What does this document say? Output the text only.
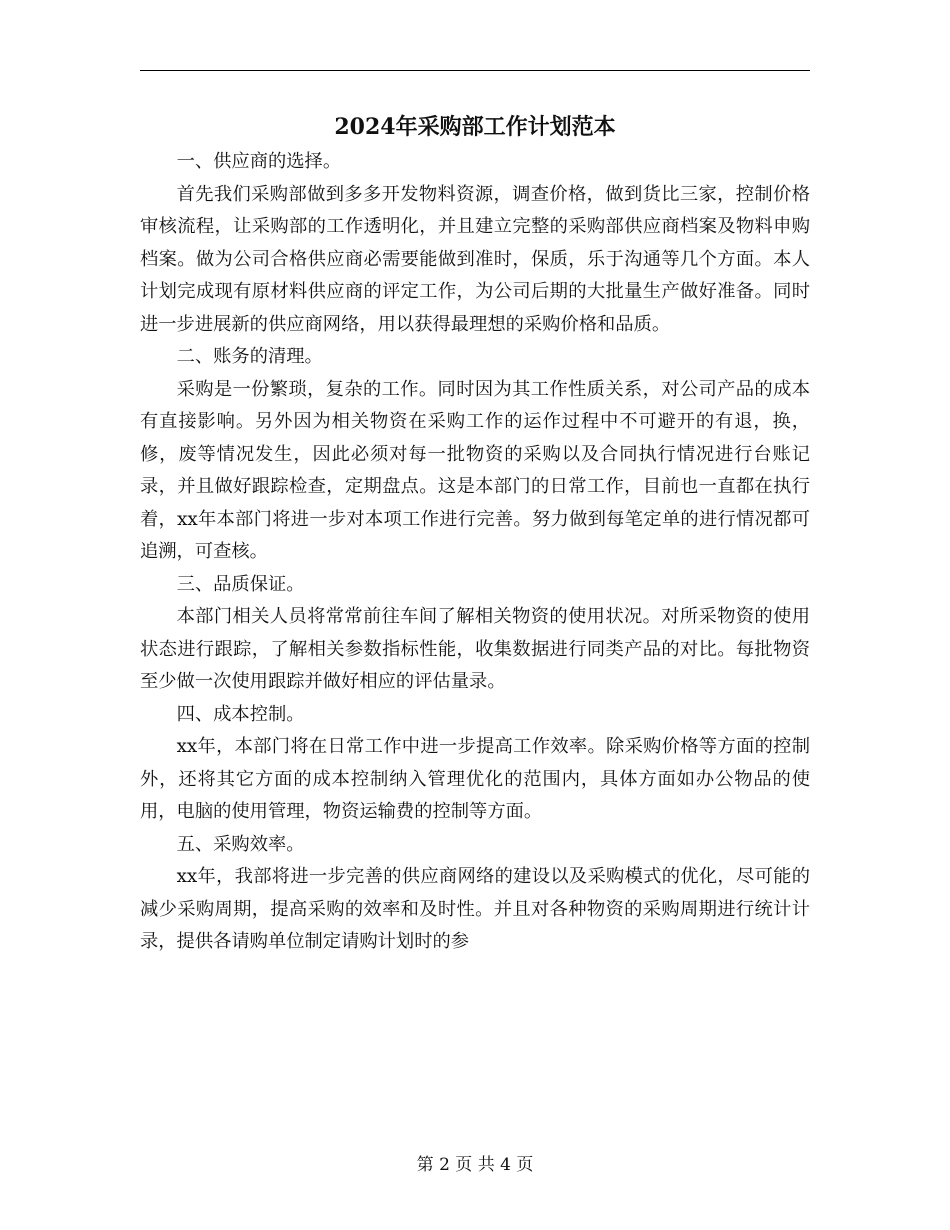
2024年采购部工作计划范本

一、供应商的选择。

首先我们采购部做到多多开发物料资源，调查价格，做到货比三家，控制价格审核流程，让采购部的工作透明化，并且建立完整的采购部供应商档案及物料申购档案。做为公司合格供应商必需要能做到准时，保质，乐于沟通等几个方面。本人计划完成现有原材料供应商的评定工作，为公司后期的大批量生产做好准备。同时进一步进展新的供应商网络，用以获得最理想的采购价格和品质。

二、账务的清理。

采购是一份繁琐，复杂的工作。同时因为其工作性质关系，对公司产品的成本有直接影响。另外因为相关物资在采购工作的运作过程中不可避开的有退，换，修，废等情况发生，因此必须对每一批物资的采购以及合同执行情况进行台账记录，并且做好跟踪检查，定期盘点。这是本部门的日常工作，目前也一直都在执行着，xx年本部门将进一步对本项工作进行完善。努力做到每笔定单的进行情况都可追溯，可查核。

三、品质保证。

本部门相关人员将常常前往车间了解相关物资的使用状况。对所采物资的使用状态进行跟踪，了解相关参数指标性能，收集数据进行同类产品的对比。每批物资至少做一次使用跟踪并做好相应的评估量录。

四、成本控制。

xx年，本部门将在日常工作中进一步提高工作效率。除采购价格等方面的控制外，还将其它方面的成本控制纳入管理优化的范围内，具体方面如办公物品的使用，电脑的使用管理，物资运输费的控制等方面。

五、采购效率。

xx年，我部将进一步完善的供应商网络的建设以及采购模式的优化，尽可能的减少采购周期，提高采购的效率和及时性。并且对各种物资的采购周期进行统计计录，提供各请购单位制定请购计划时的参

第 2 页 共 4 页
